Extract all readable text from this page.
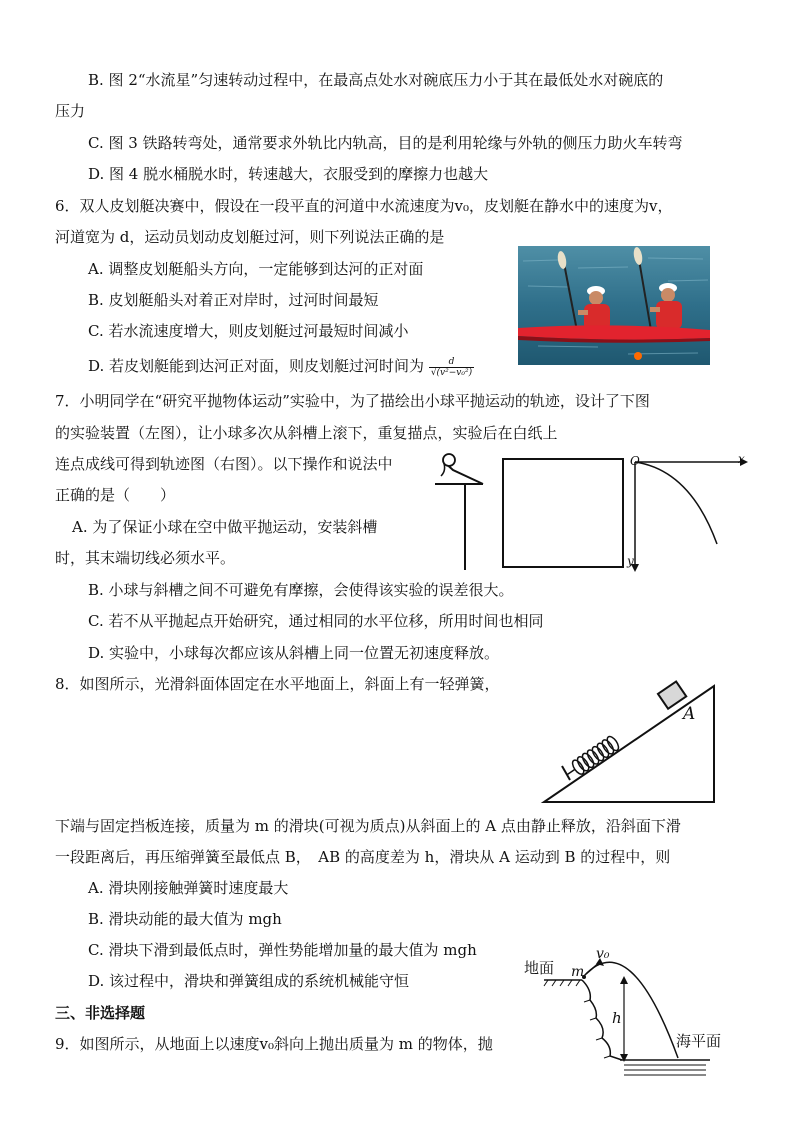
B. 图 2“水流星”匀速转动过程中，在最高点处水对碗底压力小于其在最低处水对碗底的
压力
C. 图 3 铁路转弯处，通常要求外轨比内轨高，目的是利用轮缘与外轨的侧压力助火车转弯
D. 图 4 脱水桶脱水时，转速越大，衣服受到的摩擦力也越大
6．双人皮划艇决赛中，假设在一段平直的河道中水流速度为v₀，皮划艇在静水中的速度为v，
河道宽为 d，运动员划动皮划艇过河，则下列说法正确的是
A. 调整皮划艇船头方向，一定能够到达河的正对面
B. 皮划艇船头对着正对岸时，过河时间最短
C. 若水流速度增大，则皮划艇过河最短时间减小
D. 若皮划艇能到达河正对面，则皮划艇过河时间为 $\frac{d}{\text{√(v²−v₀²)}}$
7．小明同学在“研究平抛物体运动”实验中，为了描绘出小球平抛运动的轨迹，设计了下图
的实验装置（左图），让小球多次从斜槽上滚下，重复描点，实验后在白纸上
连点成线可得到轨迹图（右图）。以下操作和说法中
正确的是（　　）
A. 为了保证小球在空中做平抛运动，安装斜槽
时，其末端切线必须水平。
B. 小球与斜槽之间不可避免有摩擦，会使得该实验的误差很大。
C. 若不从平抛起点开始研究，通过相同的水平位移，所用时间也相同
D. 实验中，小球每次都应该从斜槽上同一位置无初速度释放。
O	x
y
8．如图所示，光滑斜面体固定在水平地面上，斜面上有一轻弹簧，
A
下端与固定挡板连接，质量为 m 的滑块(可视为质点)从斜面上的 A 点由静止释放，沿斜面下滑
一段距离后，再压缩弹簧至最低点 B，　AB 的高度差为 h，滑块从 A 运动到 B 的过程中，则
A. 滑块刚接触弹簧时速度最大
B. 滑块动能的最大值为 mgh
C. 滑块下滑到最低点时，弹性势能增加量的最大值为 mgh
D. 该过程中，滑块和弹簧组成的系统机械能守恒
三、非选择题
9．如图所示，从地面上以速度v₀斜向上抛出质量为 m 的物体，抛
地面 m
v₀
h
海平面
